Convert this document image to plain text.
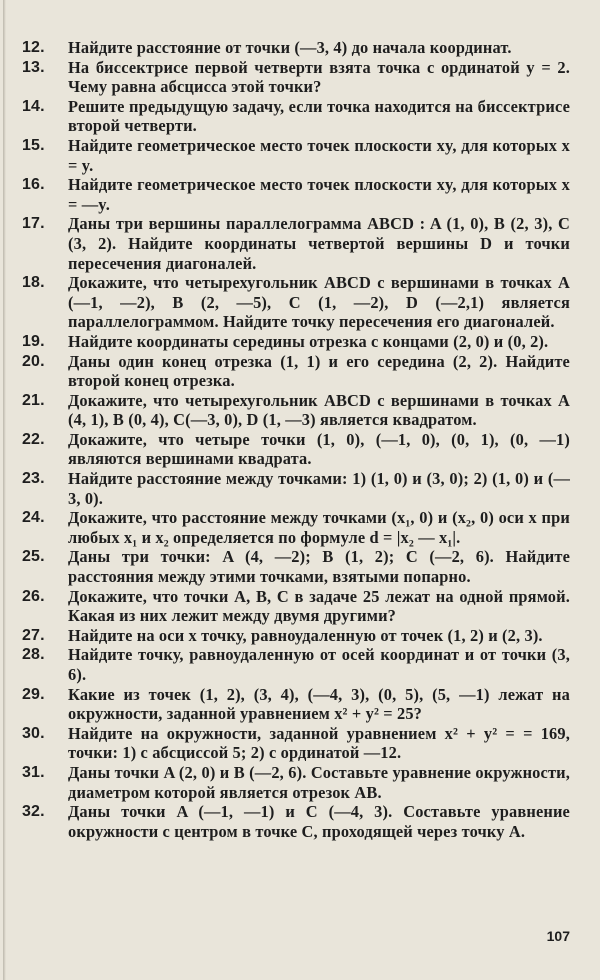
12.	Найдите расстояние от точки (—3, 4) до начала координат.
13.	На биссектрисе первой четверти взята точка с ординатой y = 2. Чему равна абсцисса этой точки?
14.	Решите предыдущую задачу, если точка находится на биссектрисе второй четверти.
15.	Найдите геометрическое место точек плоскости xy, для которых x = y.
16.	Найдите геометрическое место точек плоскости xy, для которых x = —y.
17.	Даны три вершины параллелограмма ABCD : A (1, 0), B (2, 3), C (3, 2). Найдите координаты четвертой вершины D и точки пересечения диагоналей.
18.	Докажите, что четырехугольник ABCD с вершинами в точках A (—1, —2), B (2, —5), C (1, —2), D (—2,1) является параллелограммом. Найдите точку пересечения его диагоналей.
19.	Найдите координаты середины отрезка с концами (2, 0) и (0, 2).
20.	Даны один конец отрезка (1, 1) и его середина (2, 2). Найдите второй конец отрезка.
21.	Докажите, что четырехугольник ABCD с вершинами в точках A (4, 1), B (0, 4), C(—3, 0), D (1, —3) является квадратом.
22.	Докажите, что четыре точки (1, 0), (—1, 0), (0, 1), (0, —1) являются вершинами квадрата.
23.	Найдите расстояние между точками: 1) (1, 0) и (3, 0); 2) (1, 0) и (—3, 0).
24.	Докажите, что расстояние между точками (x₁, 0) и (x₂, 0) оси x при любых x₁ и x₂ определяется по формуле d = |x₂ — x₁|.
25.	Даны три точки: A (4, —2); B (1, 2); C (—2, 6). Найдите расстояния между этими точками, взятыми попарно.
26.	Докажите, что точки A, B, C в задаче 25 лежат на одной прямой. Какая из них лежит между двумя другими?
27.	Найдите на оси x точку, равноудаленную от точек (1, 2) и (2, 3).
28.	Найдите точку, равноудаленную от осей координат и от точки (3, 6).
29.	Какие из точек (1, 2), (3, 4), (—4, 3), (0, 5), (5, —1) лежат на окружности, заданной уравнением x² + y² = 25?
30.	Найдите на окружности, заданной уравнением x² + y² = = 169, точки: 1) с абсциссой 5; 2) с ординатой —12.
31.	Даны точки A (2, 0) и B (—2, 6). Составьте уравнение окружности, диаметром которой является отрезок AB.
32.	Даны точки A (—1, —1) и C (—4, 3). Составьте уравнение окружности с центром в точке C, проходящей через точку A.
107
